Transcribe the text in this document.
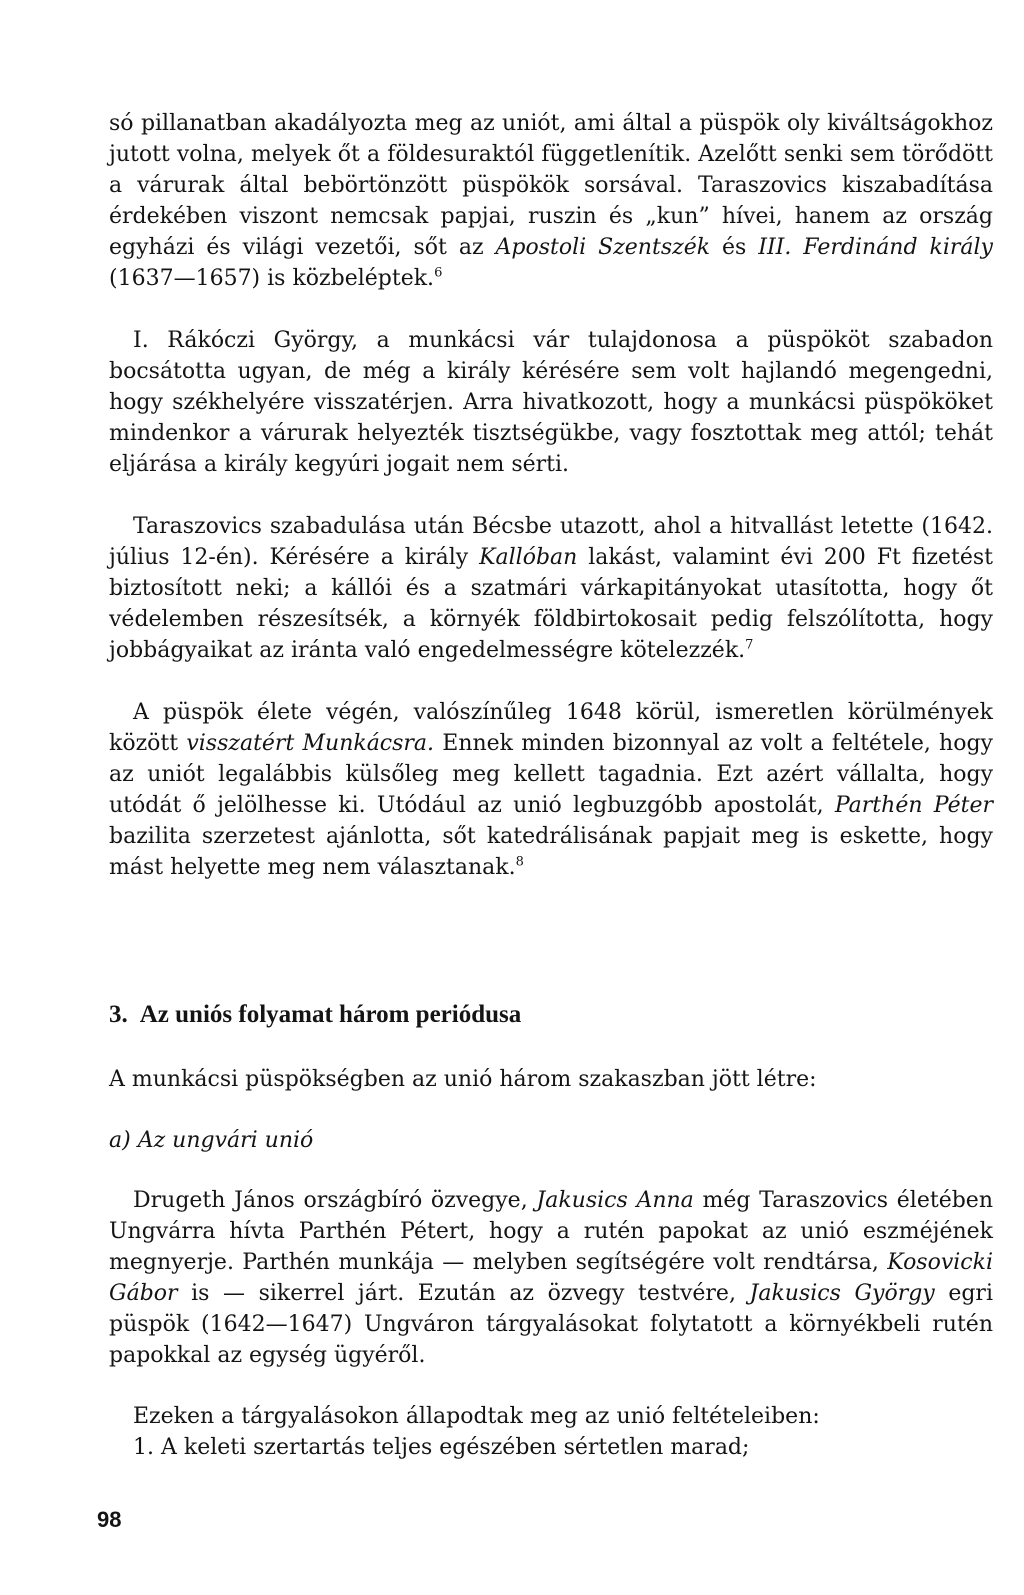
só pillanatban akadályozta meg az uniót, ami által a püspök oly kiváltságokhoz jutott volna, melyek őt a földesuraktól függetlenítik. Azelőtt senki sem törődött a várurak által bebörtönzött püspökök sorsával. Taraszovics kiszabadítása érdekében viszont nemcsak papjai, ruszin és „kun” hívei, hanem az ország egyházi és világi vezetői, sőt az Apostoli Szentszék és III. Ferdinánd király (1637—1657) is közbeléptek.$^6$

I. Rákóczi György, a munkácsi vár tulajdonosa a püspököt szabadon bocsátotta ugyan, de még a király kérésére sem volt hajlandó megengedni, hogy székhelyére visszatérjen. Arra hivatkozott, hogy a munkácsi püspököket mindenkor a várurak helyezték tisztségükbe, vagy fosztottak meg attól; tehát eljárása a király kegyúri jogait nem sérti.

Taraszovics szabadulása után Bécsbe utazott, ahol a hitvallást letette (1642. július 12-én). Kérésére a király Kallóban lakást, valamint évi 200 Ft fizetést biztosított neki; a kállói és a szatmári várkapitányokat utasította, hogy őt védelemben részesítsék, a környék földbirtokosait pedig felszólította, hogy jobbágyaikat az iránta való engedelmességre kötelezzék.$^7$

A püspök élete végén, valószínűleg 1648 körül, ismeretlen körülmények között visszatért Munkácsra. Ennek minden bizonnyal az volt a feltétele, hogy az uniót legalábbis külsőleg meg kellett tagadnia. Ezt azért vállalta, hogy utódát ő jelölhesse ki. Utódául az unió legbuzgóbb apostolát, Parthén Péter bazilita szerzetest ajánlotta, sőt katedrálisának papjait meg is eskette, hogy mást helyette meg nem választanak.$^8$

3. Az uniós folyamat három periódusa

A munkácsi püspökségben az unió három szakaszban jött létre:

a) Az ungvári unió

Drugeth János országbíró özvegye, Jakusics Anna még Taraszovics életében Ungvárra hívta Parthén Pétert, hogy a rutén papokat az unió eszméjének megnyerje. Parthén munkája — melyben segítségére volt rendtársa, Kosovicki Gábor is — sikerrel járt. Ezután az özvegy testvére, Jakusics György egri püspök (1642—1647) Ungváron tárgyalásokat folytatott a környékbeli rutén papokkal az egység ügyéről.

Ezeken a tárgyalásokon állapodtak meg az unió feltételeiben:

1. A keleti szertartás teljes egészében sértetlen marad;

98
